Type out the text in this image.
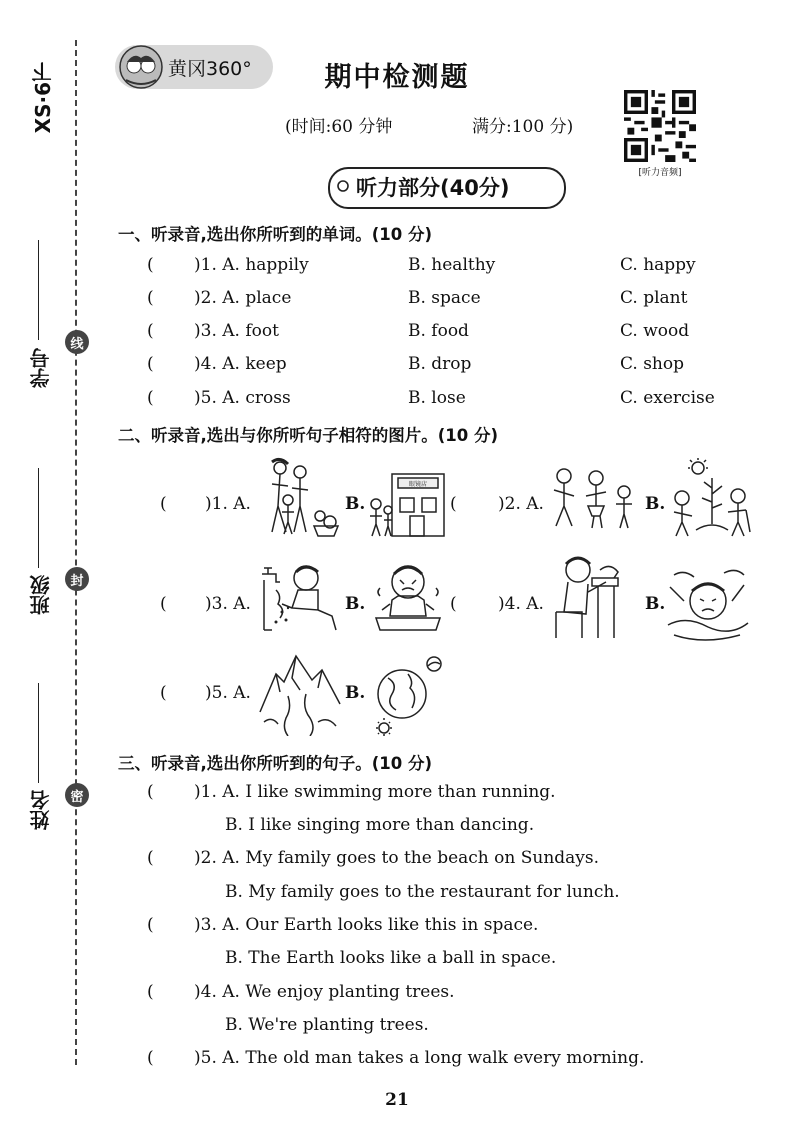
XS·6下
学号
班级
姓名
线
封
密
黄冈360°	期中检测题
(时间:60 分钟	满分:100 分)
[听力音频]
听力部分(40分)
一、听录音,选出你所听到的单词。(10 分)
( )1. A. happily	B. healthy	C. happy
( )2. A. place	B. space	C. plant
( )3. A. foot	B. food	C. wood
( )4. A. keep	B. drop	C. shop
( )5. A. cross	B. lose	C. exercise
二、听录音,选出与你所听句子相符的图片。(10 分)
( )1. A.	B.
眼镜店
( )2. A.	B.
( )3. A.	B.	( )4. A.	B.
( )5. A.	B.
三、听录音,选出你所听到的句子。(10 分)
( )1. A. I like swimming more than running.
B. I like singing more than dancing.
( )2. A. My family goes to the beach on Sundays.
B. My family goes to the restaurant for lunch.
( )3. A. Our Earth looks like this in space.
B. The Earth looks like a ball in space.
( )4. A. We enjoy planting trees.
B. We're planting trees.
( )5. A. The old man takes a long walk every morning.
21
